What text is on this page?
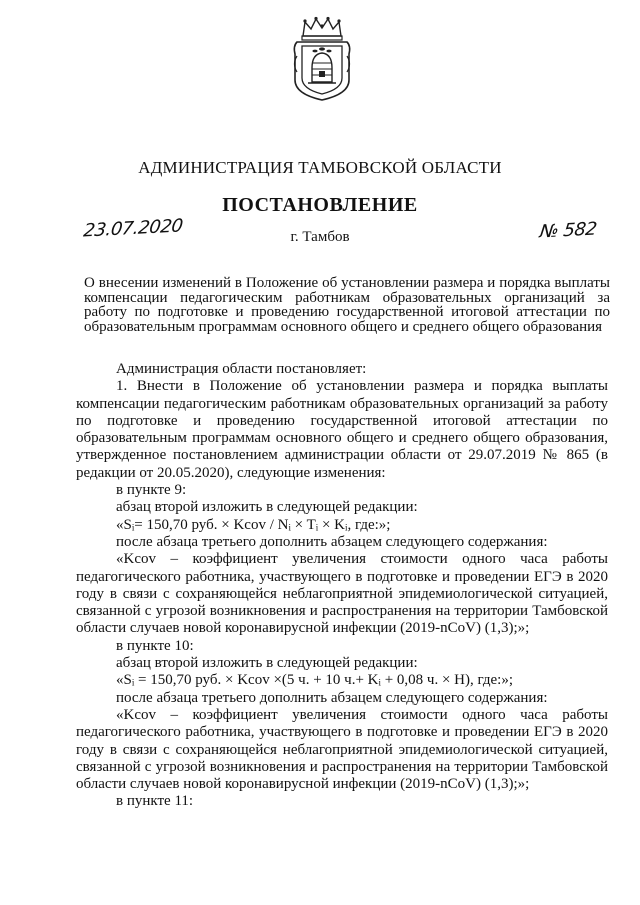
АДМИНИСТРАЦИЯ ТАМБОВСКОЙ ОБЛАСТИ
ПОСТАНОВЛЕНИЕ
23.07.2020	г. Тамбов	№ 582
О внесении изменений в Положение об установлении размера и порядка выплаты компенсации педагогическим работникам образовательных организаций за работу по подготовке и проведению государственной итоговой аттестации по образовательным программам основного общего и среднего общего образования

Администрация области постановляет:

1. Внести в Положение об установлении размера и порядка выплаты компенсации педагогическим работникам образовательных организаций за работу по подготовке и проведению государственной итоговой аттестации по образовательным программам основного общего и среднего общего образования, утвержденное постановлением администрации области от 29.07.2019 № 865 (в редакции от 20.05.2020), следующие изменения:

в пункте 9:

абзац второй изложить в следующей редакции:

«Sᵢ= 150,70 руб. × Kcov / Nᵢ × Tᵢ × Kᵢ, где:»;

после абзаца третьего дополнить абзацем следующего содержания:

«Kcov – коэффициент увеличения стоимости одного часа работы педагогического работника, участвующего в подготовке и проведении ЕГЭ в 2020 году в связи с сохраняющейся неблагоприятной эпидемиологической ситуацией, связанной с угрозой возникновения и распространения на территории Тамбовской области случаев новой коронавирусной инфекции (2019-nCoV) (1,3);»;

в пункте 10:

абзац второй изложить в следующей редакции:

«Sᵢ = 150,70 руб. × Kcov ×(5 ч. + 10 ч.+ Kᵢ + 0,08 ч. × H), где:»;

после абзаца третьего дополнить абзацем следующего содержания:

«Kcov – коэффициент увеличения стоимости одного часа работы педагогического работника, участвующего в подготовке и проведении ЕГЭ в 2020 году в связи с сохраняющейся неблагоприятной эпидемиологической ситуацией, связанной с угрозой возникновения и распространения на территории Тамбовской области случаев новой коронавирусной инфекции (2019-nCoV) (1,3);»;

в пункте 11:
